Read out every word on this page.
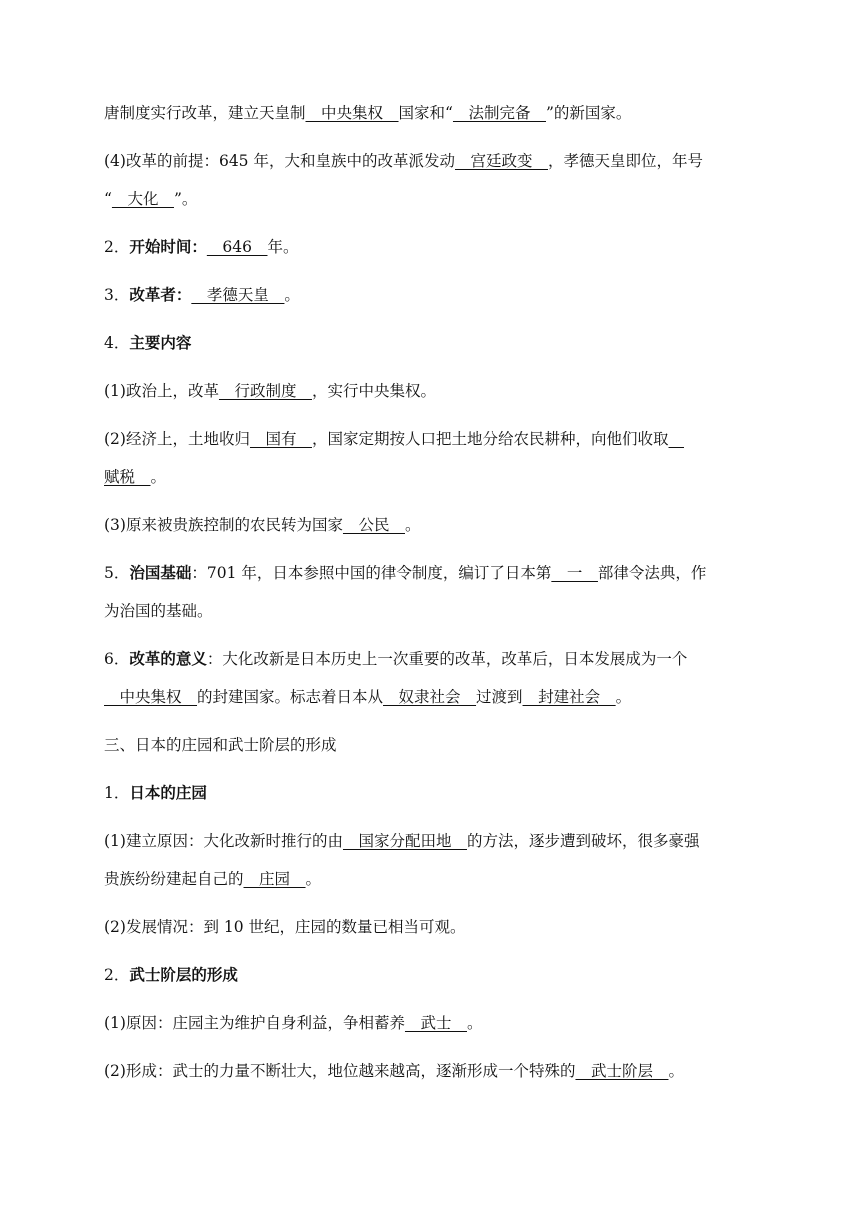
唐制度实行改革，建立天皇制 __中央集权__ 国家和“ __法制完备__ ”的新国家。

(4)改革的前提：645 年，大和皇族中的改革派发动 __宫廷政变__ ，孝德天皇即位，年号

“ __大化__ ”。

2． 开始时间： __646__ 年。

3． 改革者： __孝德天皇__ 。

4． 主要内容

(1)政治上，改革 __行政制度__ ，实行中央集权。

(2)经济上，土地收归 __国有__ ，国家定期按人口把土地分给农民耕种，向他们收取 __

赋税__ 。

(3)原来被贵族控制的农民转为国家 __公民__ 。

5． 治国基础 ：701 年，日本参照中国的律令制度，编订了日本第 __一__ 部律令法典，作

为治国的基础。

6． 改革的意义 ：大化改新是日本历史上一次重要的改革，改革后，日本发展成为一个

__中央集权__ 的封建国家。标志着日本从 __奴隶社会__ 过渡到 __封建社会__ 。

三、日本的庄园和武士阶层的形成

1． 日本的庄园

(1)建立原因：大化改新时推行的由 __国家分配田地__ 的方法，逐步遭到破坏，很多豪强

贵族纷纷建起自己的 __庄园__ 。

(2)发展情况：到 10 世纪，庄园的数量已相当可观。

2． 武士阶层的形成

(1)原因：庄园主为维护自身利益，争相蓄养 __武士__ 。

(2)形成：武士的力量不断壮大，地位越来越高，逐渐形成一个特殊的 __武士阶层__ 。
